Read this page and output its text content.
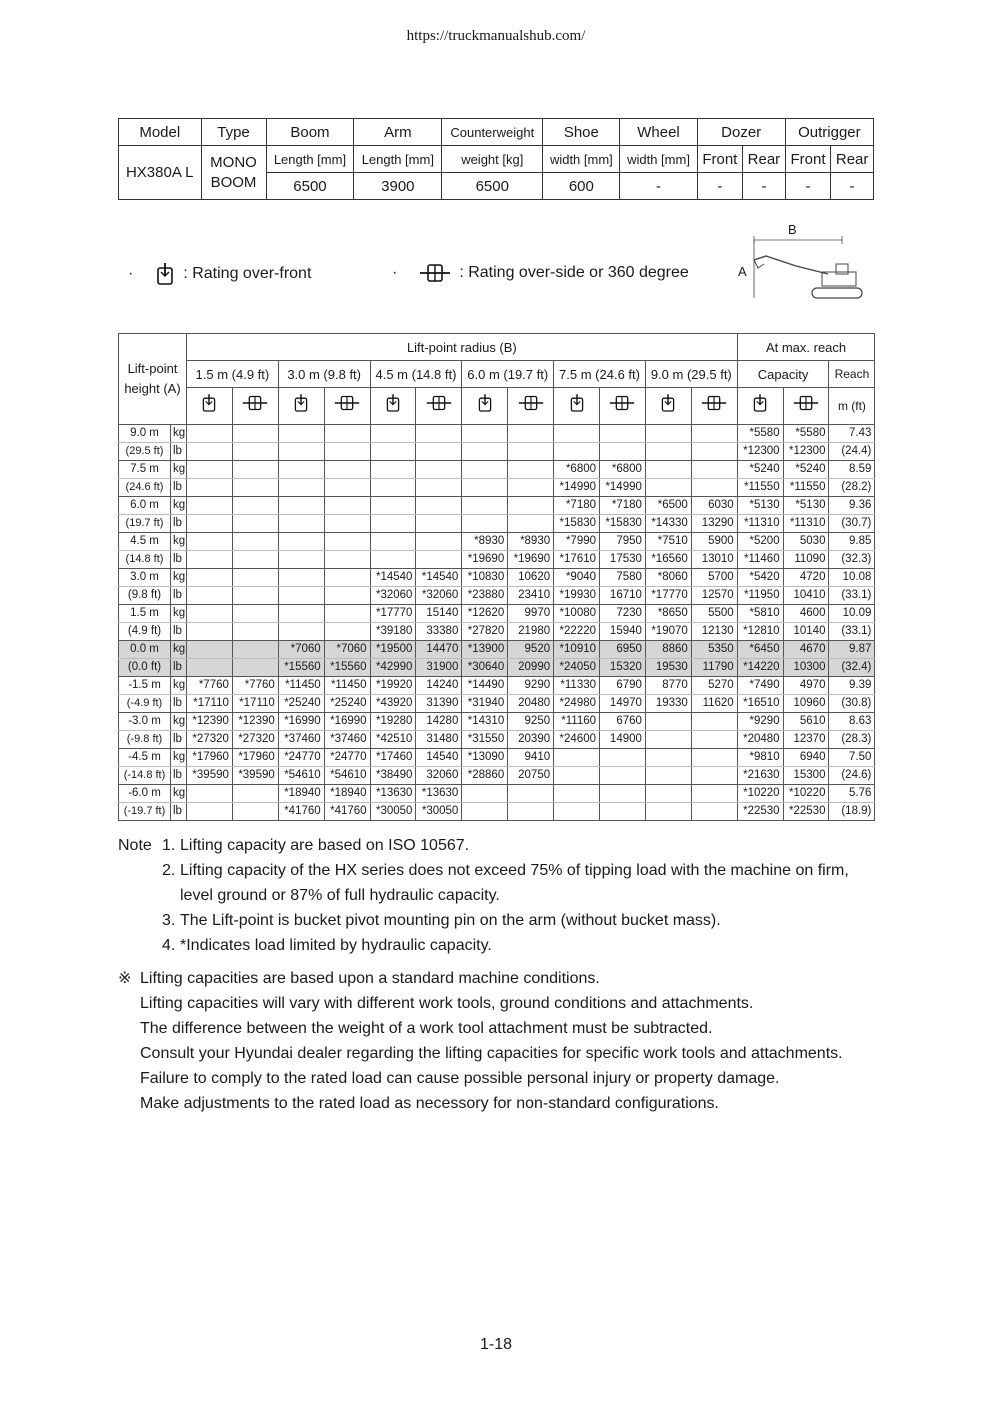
https://truckmanualshub.com/
Model	Type	Boom	Arm	Counterweight	Shoe	Wheel	Dozer		Outrigger	
HX380A L	MONO BOOM	Length [mm]	Length [mm]	weight [kg]	width [mm]	width [mm]	Front	Rear	Front	Rear
		6500	3900	6500	600	-	-	-	-	-
·	: Rating over-front	·	: Rating over-side or 360 degree
B
A
Lift-point height (A)		Lift-point radius (B)												At max. reach		
		1.5 m (4.9 ft)		3.0 m (9.8 ft)		4.5 m (14.8 ft)		6.0 m (19.7 ft)		7.5 m (24.6 ft)		9.0 m (29.5 ft)		Capacity		Reach
														m (ft)
9.0 m	kg													*5580	*5580	7.43
(29.5 ft)	lb													*12300	*12300	(24.4)
7.5 m	kg									*6800	*6800			*5240	*5240	8.59
(24.6 ft)	lb									*14990	*14990			*11550	*11550	(28.2)
6.0 m	kg									*7180	*7180	*6500	6030	*5130	*5130	9.36
(19.7 ft)	lb									*15830	*15830	*14330	13290	*11310	*11310	(30.7)
4.5 m	kg							*8930	*8930	*7990	7950	*7510	5900	*5200	5030	9.85
(14.8 ft)	lb							*19690	*19690	*17610	17530	*16560	13010	*11460	11090	(32.3)
3.0 m	kg					*14540	*14540	*10830	10620	*9040	7580	*8060	5700	*5420	4720	10.08
(9.8 ft)	lb					*32060	*32060	*23880	23410	*19930	16710	*17770	12570	*11950	10410	(33.1)
1.5 m	kg					*17770	15140	*12620	9970	*10080	7230	*8650	5500	*5810	4600	10.09
(4.9 ft)	lb					*39180	33380	*27820	21980	*22220	15940	*19070	12130	*12810	10140	(33.1)
0.0 m	kg			*7060	*7060	*19500	14470	*13900	9520	*10910	6950	8860	5350	*6450	4670	9.87
(0.0 ft)	lb			*15560	*15560	*42990	31900	*30640	20990	*24050	15320	19530	11790	*14220	10300	(32.4)
-1.5 m	kg	*7760	*7760	*11450	*11450	*19920	14240	*14490	9290	*11330	6790	8770	5270	*7490	4970	9.39
(-4.9 ft)	lb	*17110	*17110	*25240	*25240	*43920	31390	*31940	20480	*24980	14970	19330	11620	*16510	10960	(30.8)
-3.0 m	kg	*12390	*12390	*16990	*16990	*19280	14280	*14310	9250	*11160	6760			*9290	5610	8.63
(-9.8 ft)	lb	*27320	*27320	*37460	*37460	*42510	31480	*31550	20390	*24600	14900			*20480	12370	(28.3)
-4.5 m	kg	*17960	*17960	*24770	*24770	*17460	14540	*13090	9410					*9810	6940	7.50
(-14.8 ft)	lb	*39590	*39590	*54610	*54610	*38490	32060	*28860	20750					*21630	15300	(24.6)
-6.0 m	kg			*18940	*18940	*13630	*13630							*10220	*10220	5.76
(-19.7 ft)	lb			*41760	*41760	*30050	*30050							*22530	*22530	(18.9)
Note 1. Lifting capacity are based on ISO 10567.
2. Lifting capacity of the HX series does not exceed 75% of tipping load with the machine on firm, level ground or 87% of full hydraulic capacity.
3. The Lift-point is bucket pivot mounting pin on the arm (without bucket mass).
4. *Indicates load limited by hydraulic capacity.
※ Lifting capacities are based upon a standard machine conditions.

Lifting capacities will vary with different work tools, ground conditions and attachments.

The difference between the weight of a work tool attachment must be subtracted.

Consult your Hyundai dealer regarding the lifting capacities for specific work tools and attachments.

Failure to comply to the rated load can cause possible personal injury or property damage.

Make adjustments to the rated load as necessory for non-standard configurations.

1-18
